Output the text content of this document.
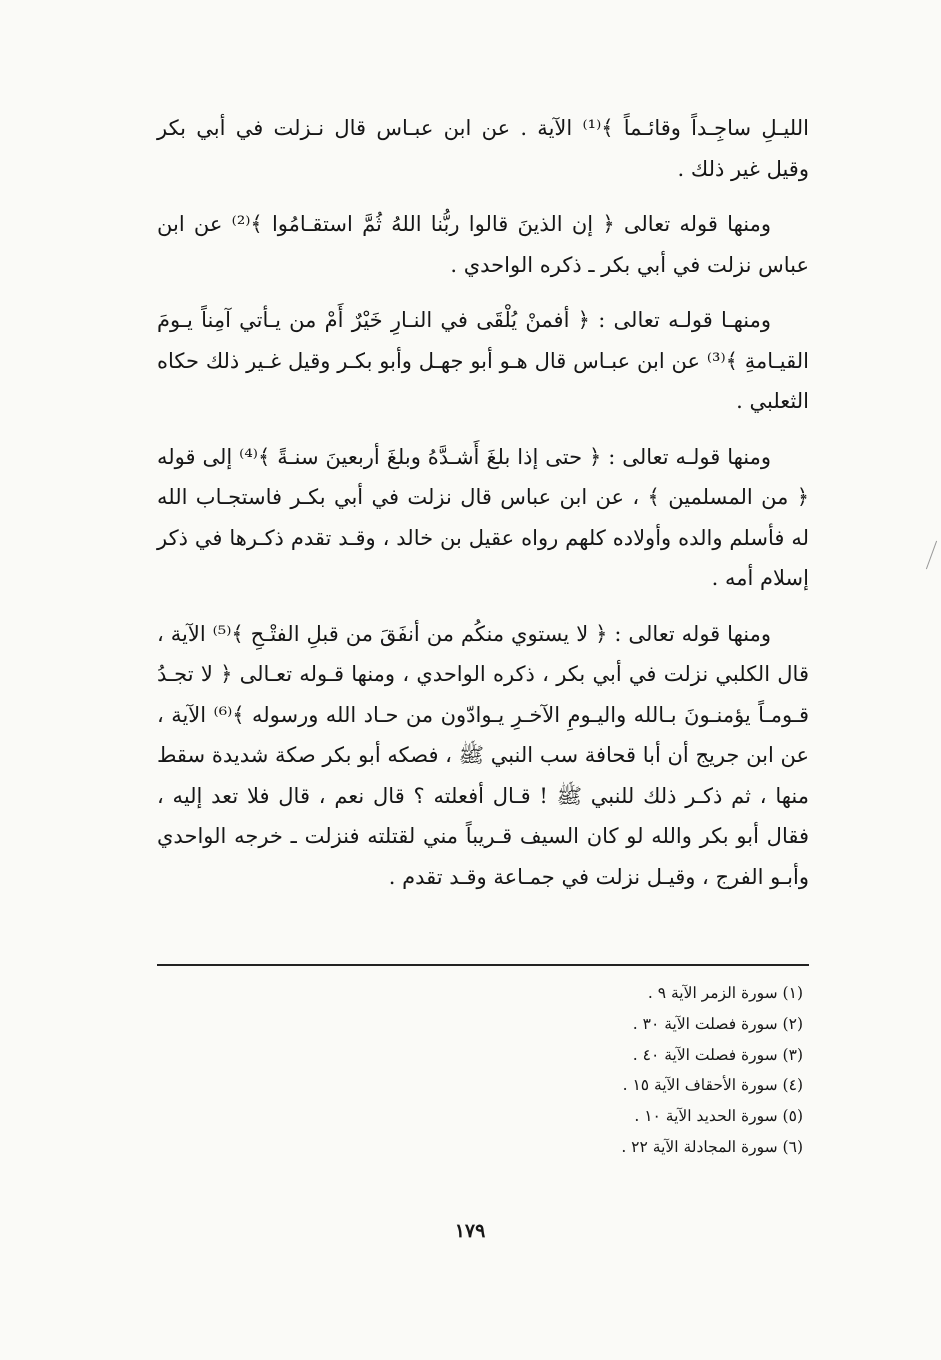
الليـلِ ساجِـداً وقائـماً ﴾⁽¹⁾ الآية . عن ابن عبـاس قال نـزلت في أبي بكر وقيل غير ذلك .

ومنها قوله تعالى ﴿ إن الذينَ قالوا ربُّنا اللهُ ثُمَّ استقـامُوا ﴾⁽²⁾ عن ابن عباس نزلت في أبي بكر ـ ذكره الواحدي .

ومنهـا قولـه تعالى : ﴿ أفمنْ يُلْقَى في النـارِ خَيْرٌ أَمْ من يـأتي آمِناً يـومَ القيـامةِ ﴾⁽³⁾ عن ابن عبـاس قال هـو أبو جهـل وأبو بكـر وقيل غـير ذلك حكاه الثعلبي .

ومنها قولـه تعالى : ﴿ حتى إذا بلغَ أَشـدَّهُ وبلغَ أربعينَ سنـةً ﴾⁽⁴⁾ إلى قوله ﴿ من المسلمين ﴾ ، عن ابن عباس قال نزلت في أبي بكـر فاستجـاب الله له فأسلم والده وأولاده كلهم رواه عقيل بن خالد ، وقـد تقدم ذكـرها في ذكر إسلام أمه .

ومنها قوله تعالى : ﴿ لا يستوي منكُم من أنفَقَ من قبلِ الفتْـحِ ﴾⁽⁵⁾ الآية ، قال الكلبي نزلت في أبي بكر ، ذكره الواحدي ، ومنها قـوله تعـالى ﴿ لا تجـدُ قـومـاً يؤمنـونَ بـالله واليـومِ الآخـرِ يـوادّون من حـاد الله ورسوله ﴾⁽⁶⁾ الآية ، عن ابن جريج أن أبا قحافة سب النبي ﷺ ، فصكه أبو بكر صكة شديدة سقط منها ، ثم ذكـر ذلك للنبي ﷺ ! قـال أفعلته ؟ قال نعم ، قال فلا تعد إليه ، فقال أبو بكر والله لو كان السيف قـريباً مني لقتلته فنزلت ـ خرجه الواحدي وأبـو الفرج ، وقيـل نزلت في جمـاعة وقـد تقدم .

(١) سورة الزمر الآية ٩ .

(٢) سورة فصلت الآية ٣٠ .

(٣) سورة فصلت الآية ٤٠ .

(٤) سورة الأحقاف الآية ١٥ .

(٥) سورة الحديد الآية ١٠ .

(٦) سورة المجادلة الآية ٢٢ .

١٧٩
